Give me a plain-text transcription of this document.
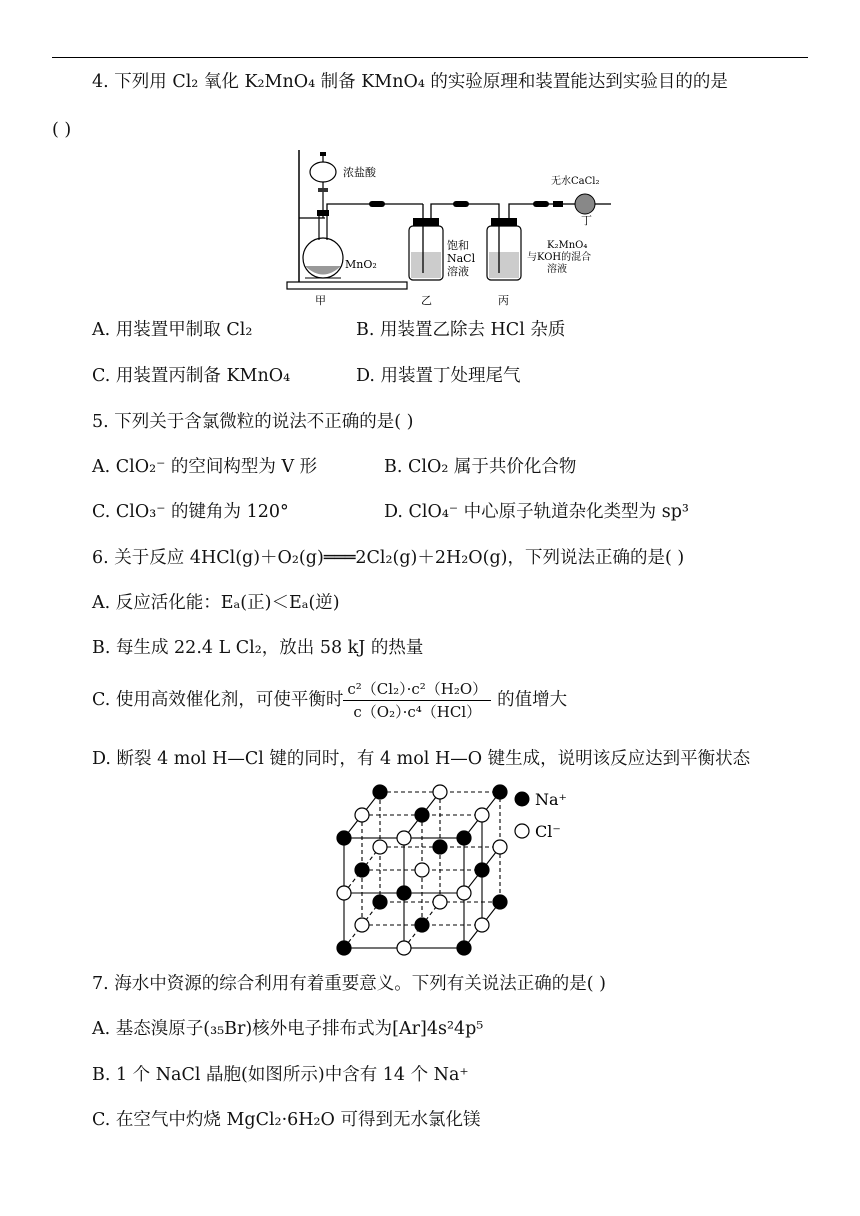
4. 下列用 Cl₂ 氧化 K₂MnO₄ 制备 KMnO₄ 的实验原理和装置能达到实验目的的是
( )
浓盐酸
MnO₂
饱和
NaCl
溶液
K₂MnO₄
与KOH的混合
溶液
无水CaCl₂
甲	乙	丙
丁
A. 用装置甲制取 Cl₂	B. 用装置乙除去 HCl 杂质
C. 用装置丙制备 KMnO₄	D. 用装置丁处理尾气
5. 下列关于含氯微粒的说法不正确的是( )
A. ClO₂⁻ 的空间构型为 V 形	B. ClO₂ 属于共价化合物
C. ClO₃⁻ 的键角为 120°	D. ClO₄⁻ 中心原子轨道杂化类型为 sp³
6. 关于反应 4HCl(g)＋O₂(g)═══2Cl₂(g)＋2H₂O(g)，下列说法正确的是( )
A. 反应活化能：Eₐ(正)＜Eₐ(逆)
B. 每生成 22.4 L Cl₂，放出 58 kJ 的热量
C. 使用高效催化剂，可使平衡时 $\frac{\text{c²（Cl₂）·c²（H₂O）}}{\text{c（O₂）·c⁴（HCl）}}$ 的值增大
D. 断裂 4 mol H—Cl 键的同时，有 4 mol H—O 键生成，说明该反应达到平衡状态
Na⁺
Cl⁻
7. 海水中资源的综合利用有着重要意义。下列有关说法正确的是( )
A. 基态溴原子(₃₅Br)核外电子排布式为[Ar]4s²4p⁵
B. 1 个 NaCl 晶胞(如图所示)中含有 14 个 Na⁺
C. 在空气中灼烧 MgCl₂·6H₂O 可得到无水氯化镁
